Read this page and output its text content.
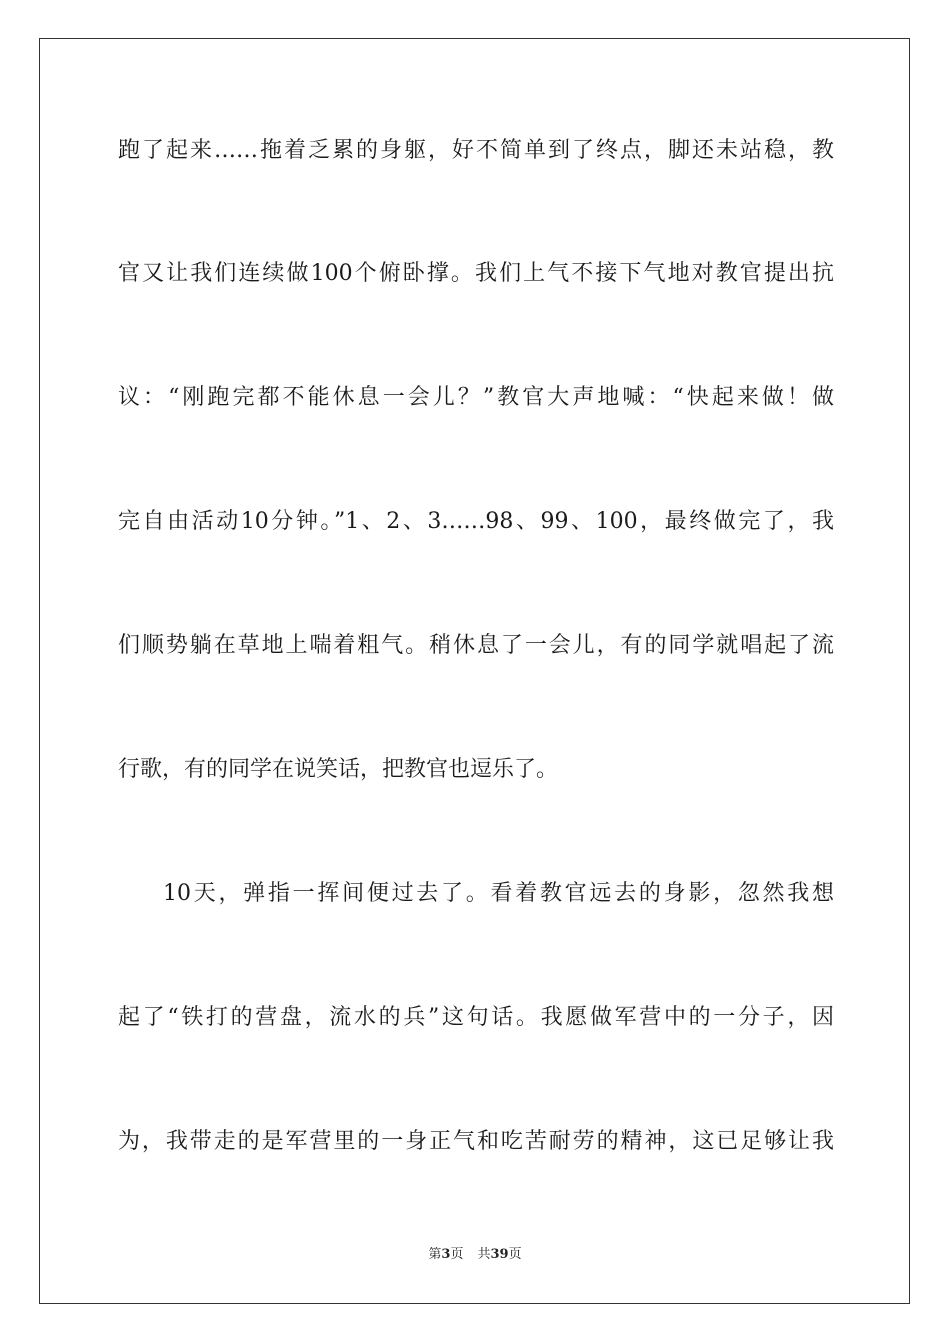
跑了起来……拖着乏累的身躯，好不简单到了终点，脚还未站稳，教
官又让我们连续做100个俯卧撑。我们上气不接下气地对教官提出抗
议：“刚跑完都不能休息一会儿？”教官大声地喊：“快起来做！做
完自由活动10分钟。”1、2、3……98、99、100，最终做完了，我
们顺势躺在草地上喘着粗气。稍休息了一会儿，有的同学就唱起了流
行歌，有的同学在说笑话，把教官也逗乐了。
10天，弹指一挥间便过去了。看着教官远去的身影，忽然我想
起了“铁打的营盘，流水的兵”这句话。我愿做军营中的一分子，因
为，我带走的是军营里的一身正气和吃苦耐劳的精神，这已足够让我
第3页 共39页
